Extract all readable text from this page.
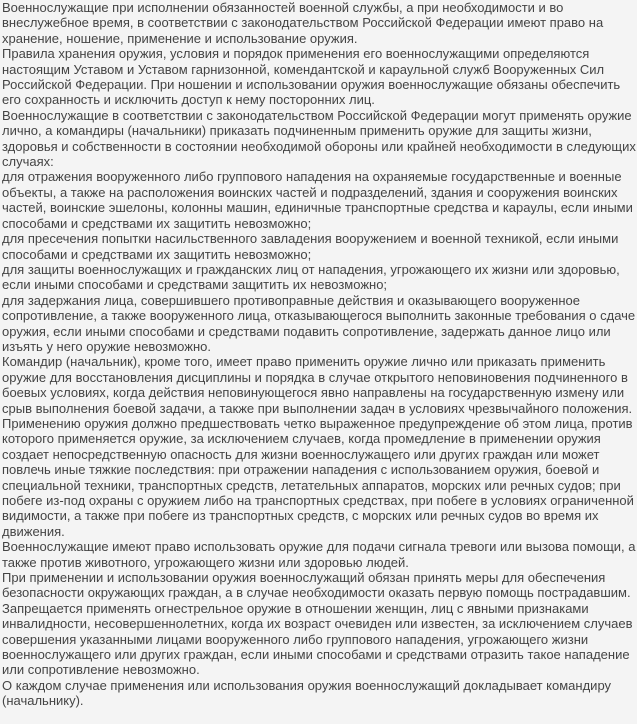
Военнослужащие при исполнении обязанностей военной службы, а при необходимости и во внеслужебное время, в соответствии с законодательством Российской Федерации имеют право на хранение, ношение, применение и использование оружия.

Правила хранения оружия, условия и порядок применения его военнослужащими определяются настоящим Уставом и Уставом гарнизонной, комендантской и караульной служб Вооруженных Сил Российской Федерации. При ношении и использовании оружия военнослужащие обязаны обеспечить его сохранность и исключить доступ к нему посторонних лиц.

Военнослужащие в соответствии с законодательством Российской Федерации могут применять оружие лично, а командиры (начальники) приказать подчиненным применить оружие для защиты жизни, здоровья и собственности в состоянии необходимой обороны или крайней необходимости в следующих случаях:

для отражения вооруженного либо группового нападения на охраняемые государственные и военные объекты, а также на расположения воинских частей и подразделений, здания и сооружения воинских частей, воинские эшелоны, колонны машин, единичные транспортные средства и караулы, если иными способами и средствами их защитить невозможно;

для пресечения попытки насильственного завладения вооружением и военной техникой, если иными способами и средствами их защитить невозможно;

для защиты военнослужащих и гражданских лиц от нападения, угрожающего их жизни или здоровью, если иными способами и средствами защитить их невозможно;

для задержания лица, совершившего противоправные действия и оказывающего вооруженное сопротивление, а также вооруженного лица, отказывающегося выполнить законные требования о сдаче оружия, если иными способами и средствами подавить сопротивление, задержать данное лицо или изъять у него оружие невозможно.

Командир (начальник), кроме того, имеет право применить оружие лично или приказать применить оружие для восстановления дисциплины и порядка в случае открытого неповиновения подчиненного в боевых условиях, когда действия неповинующегося явно направлены на государственную измену или срыв выполнения боевой задачи, а также при выполнении задач в условиях чрезвычайного положения.

Применению оружия должно предшествовать четко выраженное предупреждение об этом лица, против которого применяется оружие, за исключением случаев, когда промедление в применении оружия создает непосредственную опасность для жизни военнослужащего или других граждан или может повлечь иные тяжкие последствия: при отражении нападения с использованием оружия, боевой и специальной техники, транспортных средств, летательных аппаратов, морских или речных судов; при побеге из-под охраны с оружием либо на транспортных средствах, при побеге в условиях ограниченной видимости, а также при побеге из транспортных средств, с морских или речных судов во время их движения.

Военнослужащие имеют право использовать оружие для подачи сигнала тревоги или вызова помощи, а также против животного, угрожающего жизни или здоровью людей.

При применении и использовании оружия военнослужащий обязан принять меры для обеспечения безопасности окружающих граждан, а в случае необходимости оказать первую помощь пострадавшим.

Запрещается применять огнестрельное оружие в отношении женщин, лиц с явными признаками инвалидности, несовершеннолетних, когда их возраст очевиден или известен, за исключением случаев совершения указанными лицами вооруженного либо группового нападения, угрожающего жизни военнослужащего или других граждан, если иными способами и средствами отразить такое нападение или сопротивление невозможно.

О каждом случае применения или использования оружия военнослужащий докладывает командиру (начальнику).
